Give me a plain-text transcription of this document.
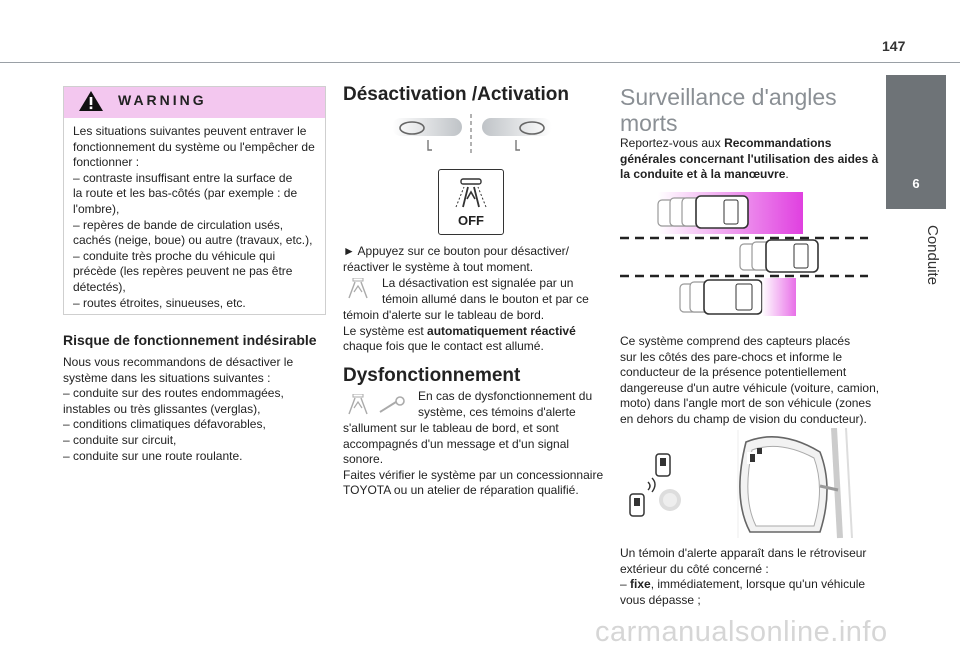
147
6
Conduite
WARNING
Les situations suivantes peuvent entraver le
fonctionnement du système ou l'empêcher de
fonctionner :
– contraste insuffisant entre la surface de
la route et les bas-côtés (par exemple : de
l'ombre),
– repères de bande de circulation usés,
cachés (neige, boue) ou autre (travaux, etc.),
– conduite très proche du véhicule qui
précède (les repères peuvent ne pas être
détectés),
– routes étroites, sinueuses, etc.
Risque de fonctionnement indésirable
Nous vous recommandons de désactiver le
système dans les situations suivantes :
– conduite sur des routes endommagées,
instables ou très glissantes (verglas),
– conditions climatiques défavorables,
– conduite sur circuit,
– conduite sur une route roulante.
Désactivation /Activation
OFF
► Appuyez sur ce bouton pour désactiver/
réactiver le système à tout moment.
La désactivation est signalée par un
témoin allumé dans le bouton et par ce
témoin d'alerte sur le tableau de bord.
Le système est automatiquement réactivé
chaque fois que le contact est allumé.
Dysfonctionnement
En cas de dysfonctionnement du
système, ces témoins d'alerte
s'allument sur le tableau de bord, et sont
accompagnés d'un message et d'un signal
sonore.
Faites vérifier le système par un concessionnaire
TOYOTA ou un atelier de réparation qualifié.
Surveillance d'angles
morts
Reportez-vous aux Recommandations
générales concernant l'utilisation des aides à
la conduite et à la manœuvre.
Ce système comprend des capteurs placés
sur les côtés des pare-chocs et informe le
conducteur de la présence potentiellement
dangereuse d'un autre véhicule (voiture, camion,
moto) dans l'angle mort de son véhicule (zones
en dehors du champ de vision du conducteur).
Un témoin d'alerte apparaît dans le rétroviseur
extérieur du côté concerné :
– fixe, immédiatement, lorsque qu'un véhicule
vous dépasse ;
carmanualsonline.info
